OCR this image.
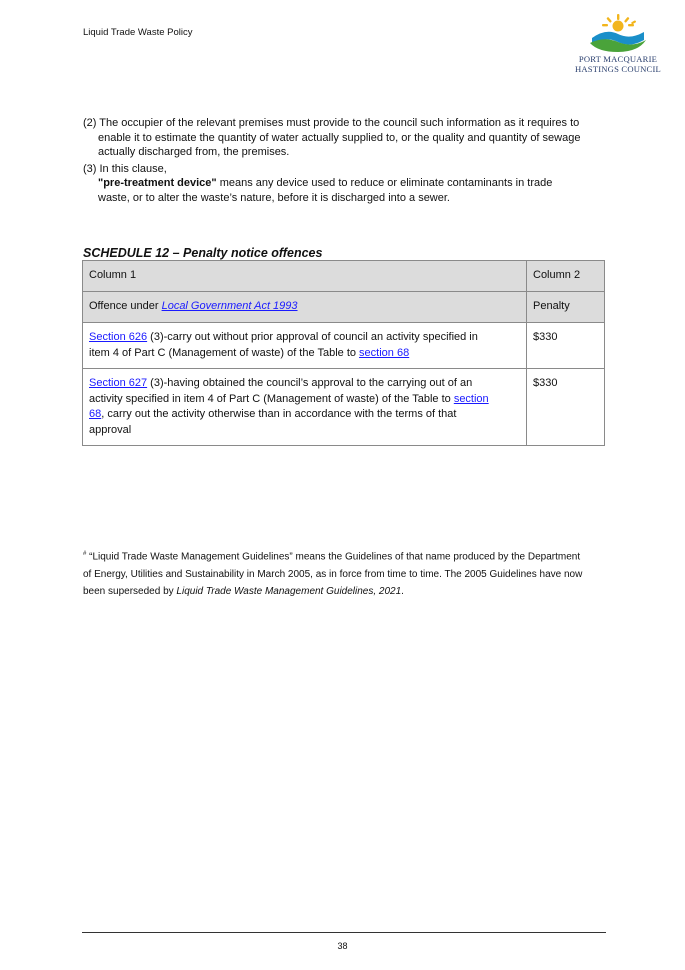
Liquid Trade Waste Policy
PORT MACQUARIE
HASTINGS COUNCIL
(2) The occupier of the relevant premises must provide to the council such information as it requires to
enable it to estimate the quantity of water actually supplied to, or the quality and quantity of sewage
actually discharged from, the premises.
(3) In this clause,
"pre-treatment device" means any device used to reduce or eliminate contaminants in trade
waste, or to alter the waste’s nature, before it is discharged into a sewer.
SCHEDULE 12 – Penalty notice offences
Column 1	Column 2
Offence under Local Government Act 1993	Penalty
Section 626 (3)-carry out without prior approval of council an activity specified in
item 4 of Part C (Management of waste) of the Table to section 68	$330
Section 627 (3)-having obtained the council’s approval to the carrying out of an
activity specified in item 4 of Part C (Management of waste) of the Table to section
68, carry out the activity otherwise than in accordance with the terms of that
approval	$330
# “Liquid Trade Waste Management Guidelines” means the Guidelines of that name produced by the Department
of Energy, Utilities and Sustainability in March 2005, as in force from time to time. The 2005 Guidelines have now
been superseded by Liquid Trade Waste Management Guidelines, 2021.
38
